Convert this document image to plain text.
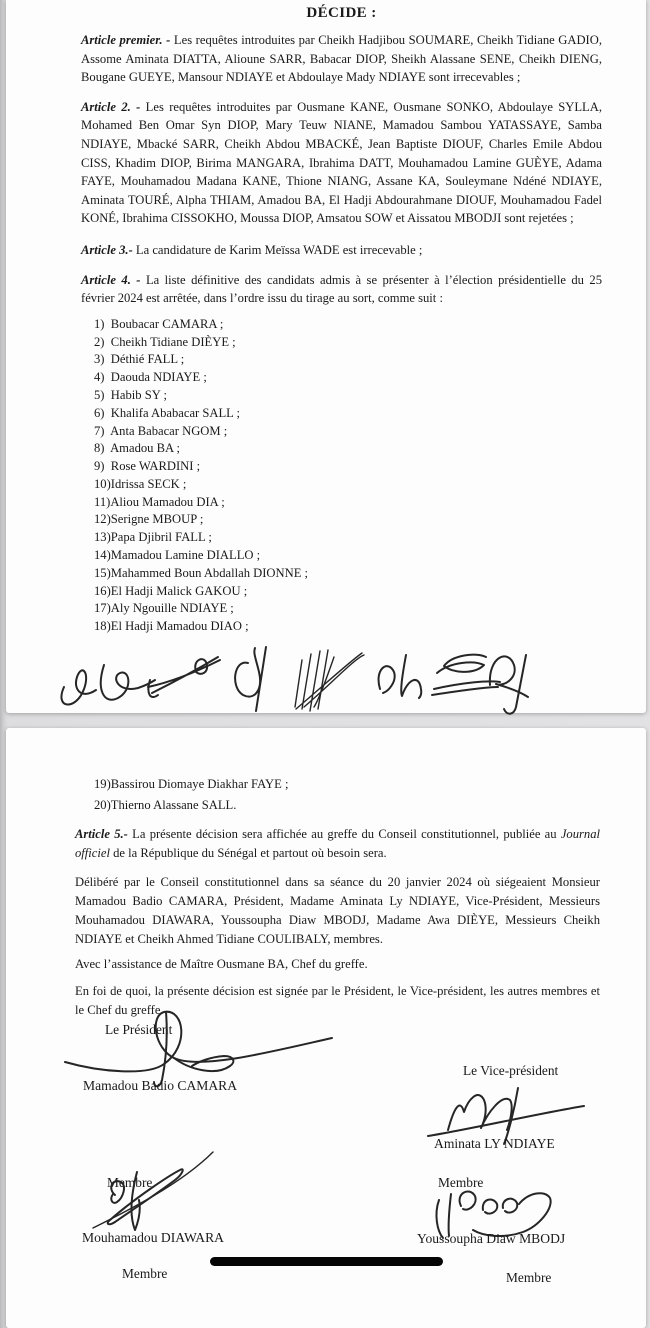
DÉCIDE :

Article premier. - Les requêtes introduites par Cheikh Hadjibou SOUMARE, Cheikh Tidiane GADIO, Assome Aminata DIATTA, Alioune SARR, Babacar DIOP, Sheikh Alassane SENE, Cheikh DIENG, Bougane GUEYE, Mansour NDIAYE et Abdoulaye Mady NDIAYE sont irrecevables ;

Article 2. - Les requêtes introduites par Ousmane KANE, Ousmane SONKO, Abdoulaye SYLLA, Mohamed Ben Omar Syn DIOP, Mary Teuw NIANE, Mamadou Sambou YATASSAYE, Samba NDIAYE, Mbacké SARR, Cheikh Abdou MBACKÉ, Jean Baptiste DIOUF, Charles Emile Abdou CISS, Khadim DIOP, Birima MANGARA, Ibrahima DATT, Mouhamadou Lamine GUÈYE, Adama FAYE, Mouhamadou Madana KANE, Thione NIANG, Assane KA, Souleymane Ndéné NDIAYE, Aminata TOURÉ, Alpha THIAM, Amadou BA, El Hadji Abdourahmane DIOUF, Mouhamadou Fadel KONÉ, Ibrahima CISSOKHO, Moussa DIOP, Amsatou SOW et Aissatou MBODJI sont rejetées ;

Article 3.- La candidature de Karim Meïssa WADE est irrecevable ;

Article 4. - La liste définitive des candidats admis à se présenter à l’élection présidentielle du 25 février 2024 est arrêtée, dans l’ordre issu du tirage au sort, comme suit :

1)  Boubacar CAMARA ;
2)  Cheikh Tidiane DIÈYE ;
3)  Déthié FALL ;
4)  Daouda NDIAYE ;
5)  Habib SY ;
6)  Khalifa Ababacar SALL ;
7)  Anta Babacar NGOM ;
8)  Amadou BA ;
9)  Rose WARDINI ;
10)Idrissa SECK ;
11)Aliou Mamadou DIA ;
12)Serigne MBOUP ;
13)Papa Djibril FALL ;
14)Mamadou Lamine DIALLO ;
15)Mahammed Boun Abdallah DIONNE ;
16)El Hadji Malick GAKOU ;
17)Aly Ngouille NDIAYE ;
18)El Hadji Mamadou DIAO ;
19)Bassirou Diomaye Diakhar FAYE ;
20)Thierno Alassane SALL.

Article 5.- La présente décision sera affichée au greffe du Conseil constitutionnel, publiée au Journal officiel de la République du Sénégal et partout où besoin sera.

Délibéré par le Conseil constitutionnel dans sa séance du 20 janvier 2024 où siégeaient Monsieur Mamadou Badio CAMARA, Président, Madame Aminata Ly NDIAYE, Vice-Président, Messieurs Mouhamadou DIAWARA, Youssoupha Diaw MBODJ, Madame Awa DIÈYE, Messieurs Cheikh NDIAYE et Cheikh Ahmed Tidiane COULIBALY, membres.

Avec l’assistance de Maître Ousmane BA, Chef du greffe.

En foi de quoi, la présente décision est signée par le Président, le Vice-président, les autres membres et le Chef du greffe.

Le Président

Mamadou Badio CAMARA

Le Vice-président

Aminata LY NDIAYE

Membre

Mouhamadou DIAWARA

Membre

Youssoupha Diaw MBODJ

Membre	Membre
